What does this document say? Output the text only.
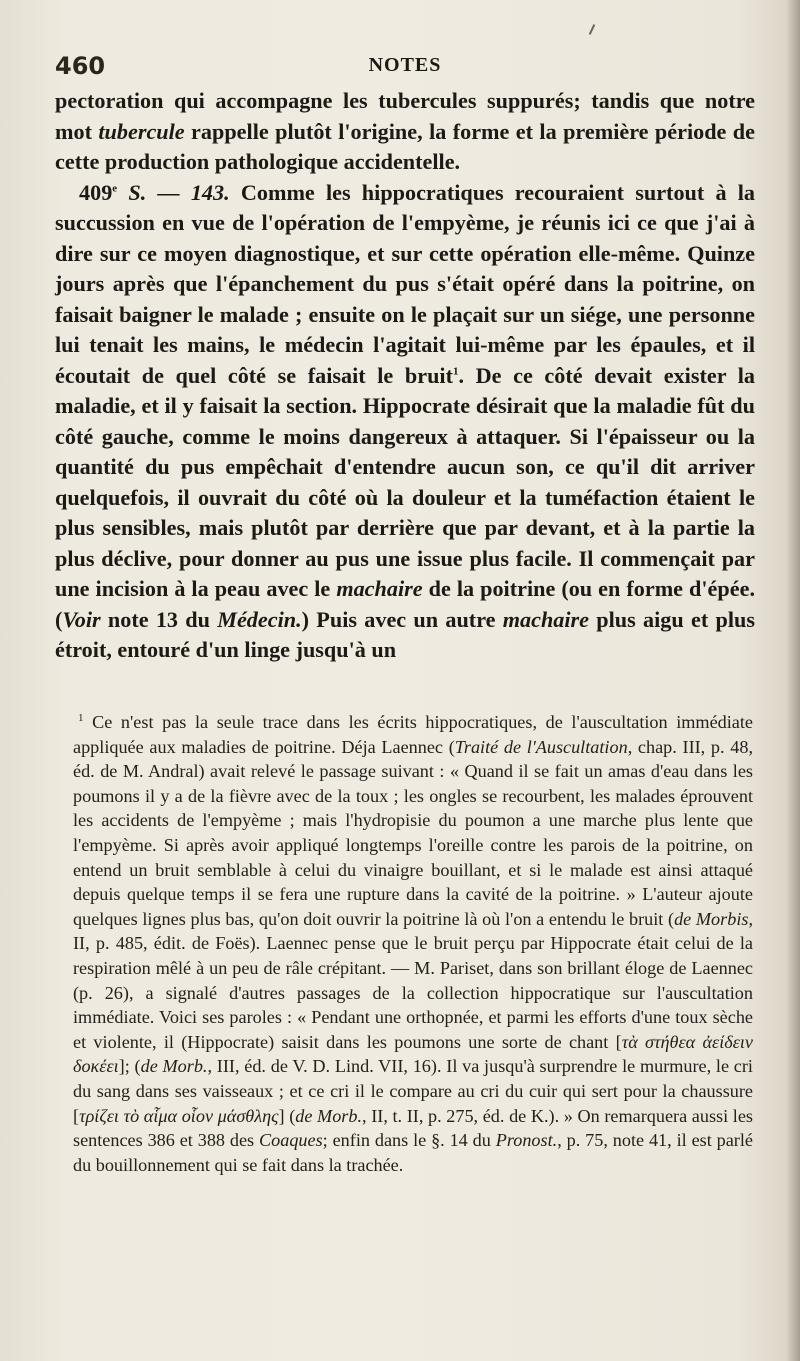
460	NOTES

pectoration qui accompagne les tubercules suppurés; tandis que notre mot tubercule rappelle plutôt l'origine, la forme et la première période de cette production pathologique accidentelle.

409e S. — 143. Comme les hippocratiques recouraient surtout à la succussion en vue de l'opération de l'empyème, je réunis ici ce que j'ai à dire sur ce moyen diagnostique, et sur cette opération elle-même. Quinze jours après que l'épanchement du pus s'était opéré dans la poitrine, on faisait baigner le malade ; ensuite on le plaçait sur un siége, une personne lui tenait les mains, le médecin l'agitait lui-même par les épaules, et il écoutait de quel côté se faisait le bruit$^1$. De ce côté devait exister la maladie, et il y faisait la section. Hippocrate désirait que la maladie fût du côté gauche, comme le moins dangereux à attaquer. Si l'épaisseur ou la quantité du pus empêchait d'entendre aucun son, ce qu'il dit arriver quelquefois, il ouvrait du côté où la douleur et la tuméfaction étaient le plus sensibles, mais plutôt par derrière que par devant, et à la partie la plus déclive, pour donner au pus une issue plus facile. Il commençait par une incision à la peau avec le machaire de la poitrine (ou en forme d'épée. (Voir note 13 du Médecin.) Puis avec un autre machaire plus aigu et plus étroit, entouré d'un linge jusqu'à un

$^1$ Ce n'est pas la seule trace dans les écrits hippocratiques, de l'auscultation immédiate appliquée aux maladies de poitrine. Déja Laennec (Traité de l'Auscultation, chap. III, p. 48, éd. de M. Andral) avait relevé le passage suivant : « Quand il se fait un amas d'eau dans les poumons il y a de la fièvre avec de la toux ; les ongles se recourbent, les malades éprouvent les accidents de l'empyème ; mais l'hydropisie du poumon a une marche plus lente que l'empyème. Si après avoir appliqué longtemps l'oreille contre les parois de la poitrine, on entend un bruit semblable à celui du vinaigre bouillant, et si le malade est ainsi attaqué depuis quelque temps il se fera une rupture dans la cavité de la poitrine. » L'auteur ajoute quelques lignes plus bas, qu'on doit ouvrir la poitrine là où l'on a entendu le bruit (de Morbis, II, p. 485, édit. de Foës). Laennec pense que le bruit perçu par Hippocrate était celui de la respiration mêlé à un peu de râle crépitant. — M. Pariset, dans son brillant éloge de Laennec (p. 26), a signalé d'autres passages de la collection hippocratique sur l'auscultation immédiate. Voici ses paroles : « Pendant une orthopnée, et parmi les efforts d'une toux sèche et violente, il (Hippocrate) saisit dans les poumons une sorte de chant [τὰ στήθεα ἀείδειν δοκέει]; (de Morb., III, éd. de V. D. Lind. VII, 16). Il va jusqu'à surprendre le murmure, le cri du sang dans ses vaisseaux ; et ce cri il le compare au cri du cuir qui sert pour la chaussure [τρίζει τὸ αἷμα οἷον μάσθλης] (de Morb., II, t. II, p. 275, éd. de K.). » On remarquera aussi les sentences 386 et 388 des Coaques; enfin dans le §. 14 du Pronost., p. 75, note 41, il est parlé du bouillonnement qui se fait dans la trachée.
